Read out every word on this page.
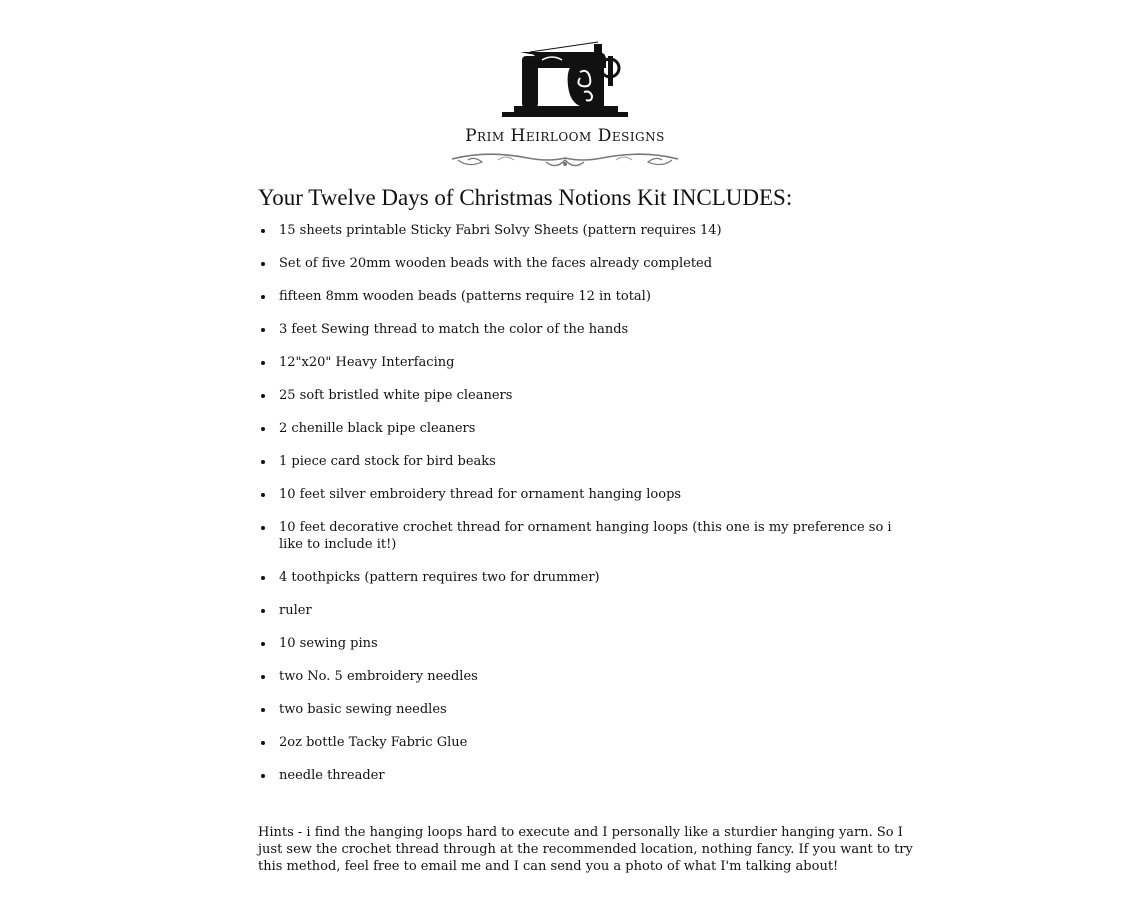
Prim Heirloom Designs
Your Twelve Days of Christmas Notions Kit INCLUDES:
15 sheets printable Sticky Fabri Solvy Sheets (pattern requires 14)
Set of five 20mm wooden beads with the faces already completed
fifteen 8mm wooden beads (patterns require 12 in total)
3 feet Sewing thread to match the color of the hands
12"x20" Heavy Interfacing
25 soft bristled white pipe cleaners
2 chenille black pipe cleaners
1 piece card stock for bird beaks
10 feet silver embroidery thread for ornament hanging loops
10 feet decorative crochet thread for ornament hanging loops (this one is my preference so i like to include it!)
4 toothpicks (pattern requires two for drummer)
ruler
10 sewing pins
two No. 5 embroidery needles
two basic sewing needles
2oz bottle Tacky Fabric Glue
needle threader

Hints - i find the hanging loops hard to execute and I personally like a sturdier hanging yarn. So I just sew the crochet thread through at the recommended location, nothing fancy. If you want to try this method, feel free to email me and I can send you a photo of what I'm talking about!
